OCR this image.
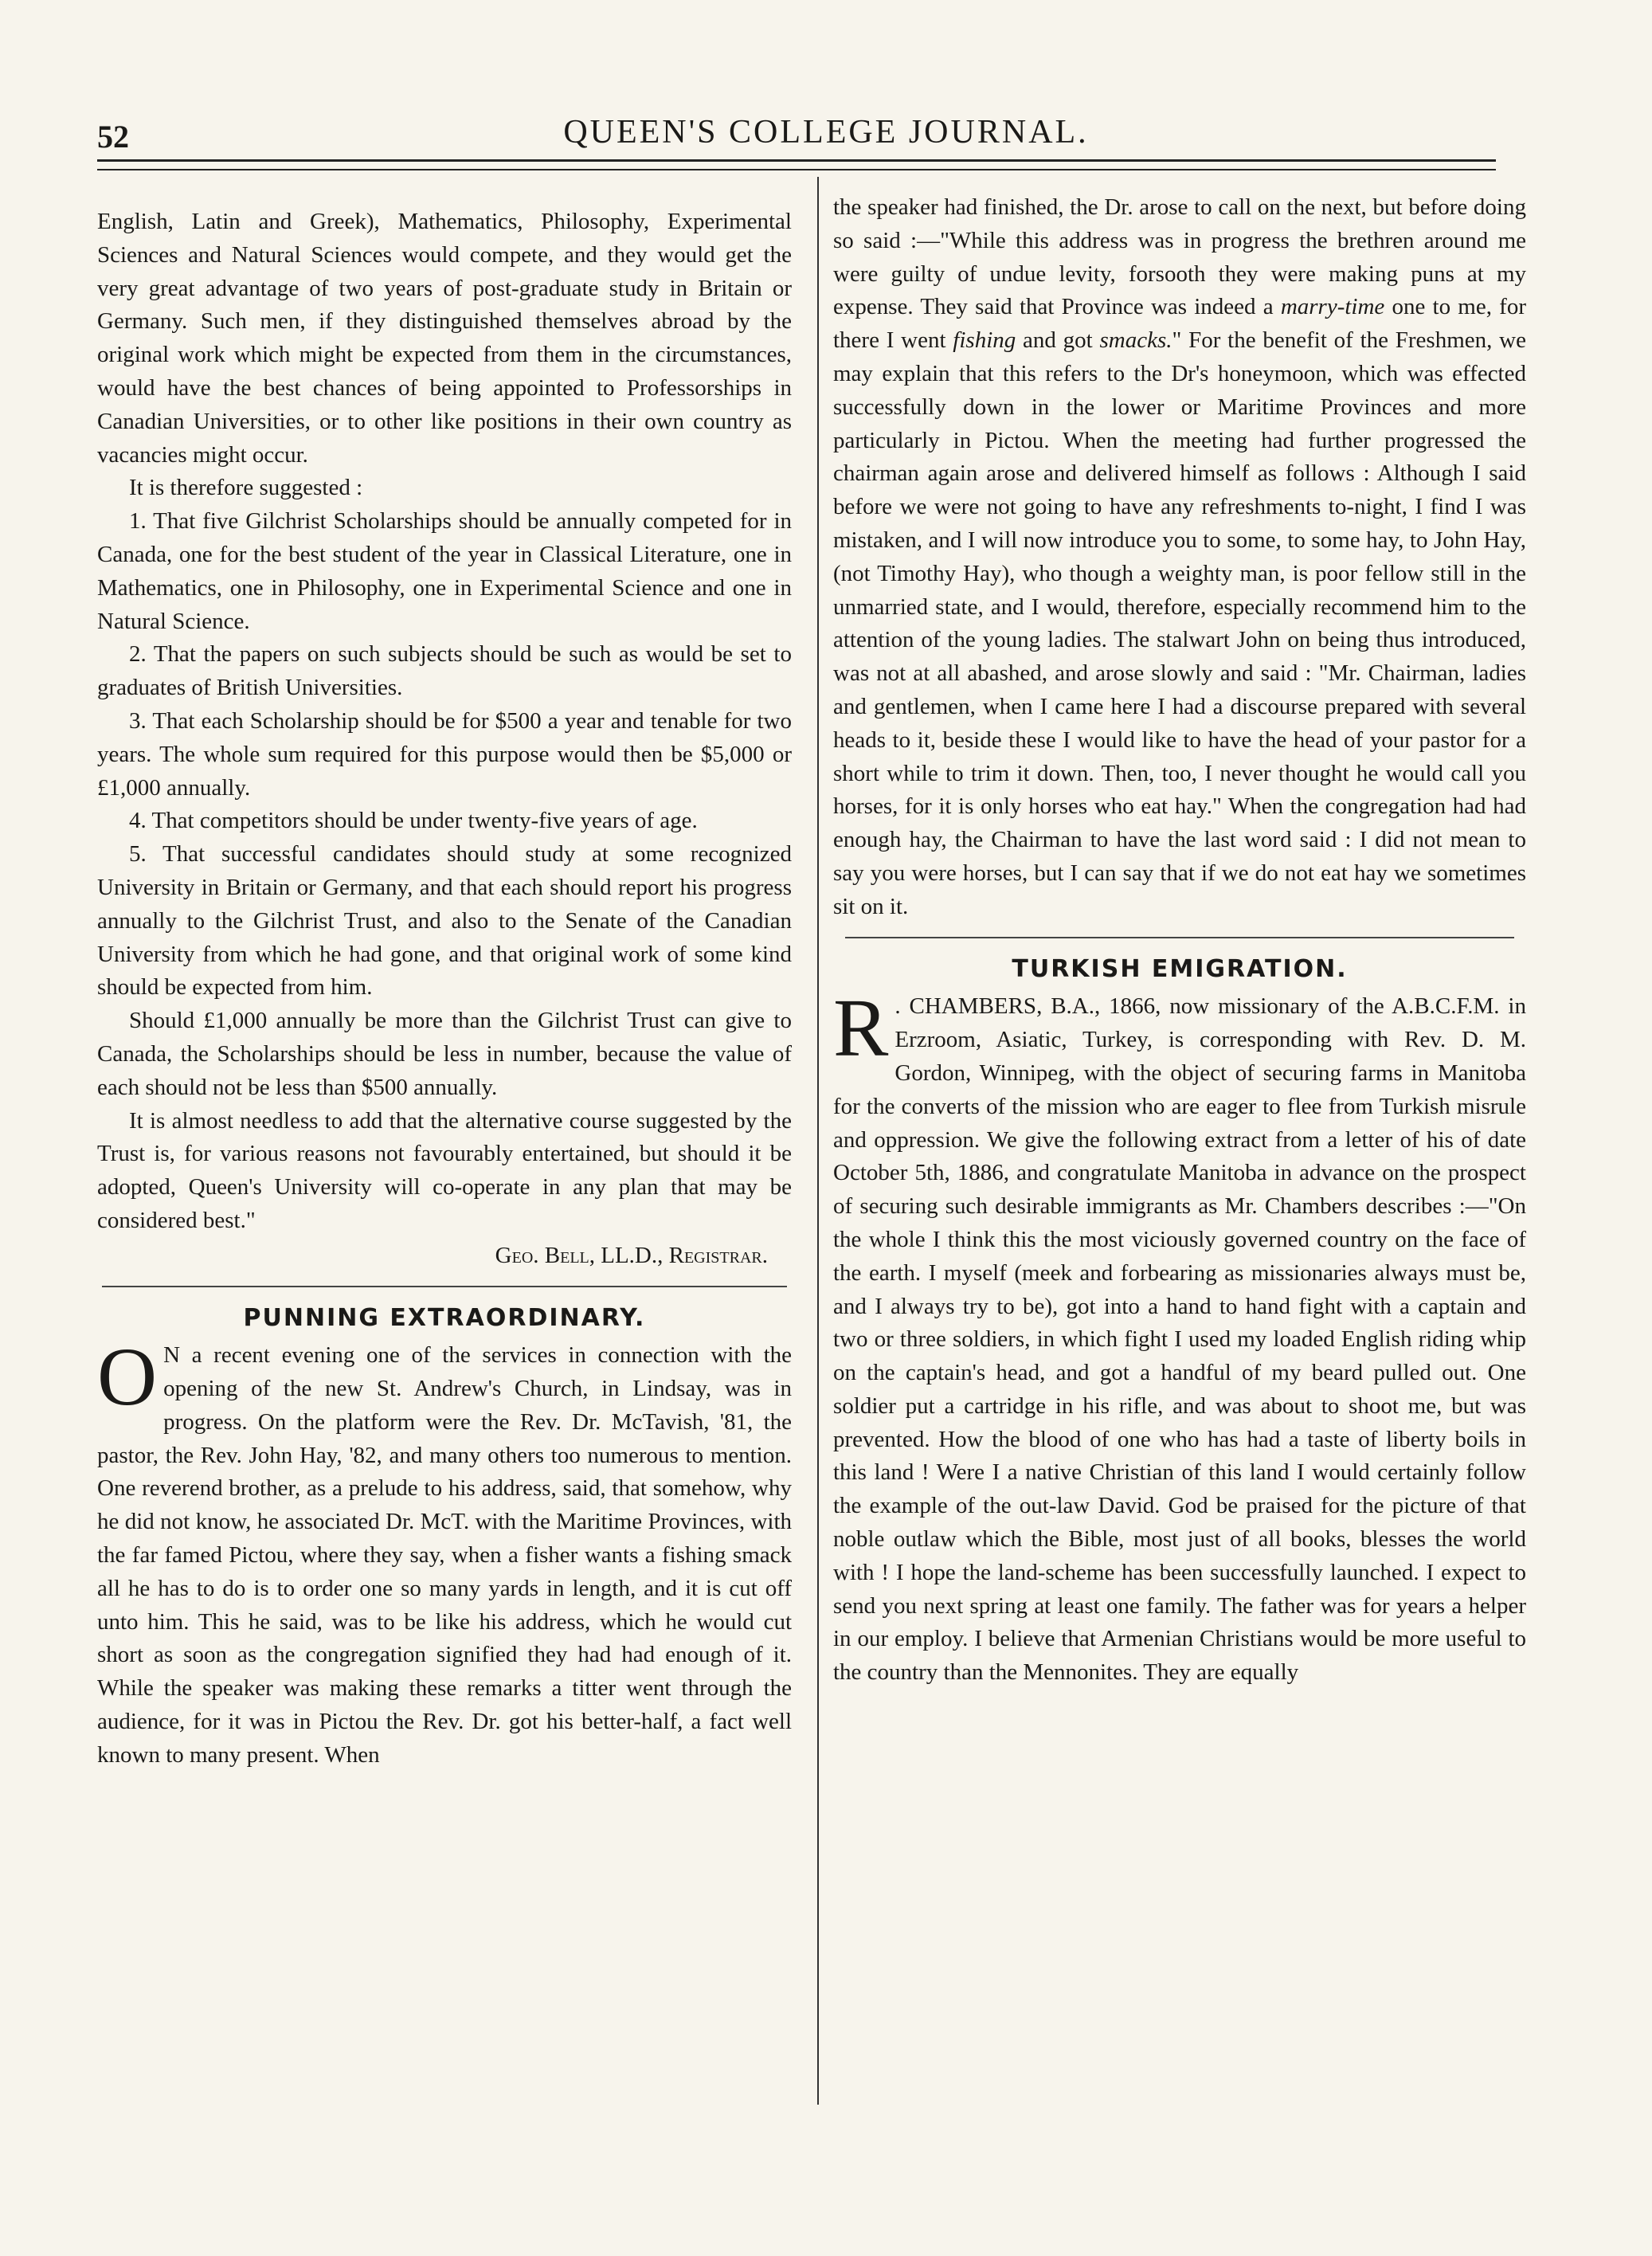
52	QUEEN'S COLLEGE JOURNAL.

English, Latin and Greek), Mathematics, Philosophy, Experimental Sciences and Natural Sciences would compete, and they would get the very great advantage of two years of post-graduate study in Britain or Germany. Such men, if they distinguished themselves abroad by the original work which might be expected from them in the circumstances, would have the best chances of being appointed to Professorships in Canadian Universities, or to other like positions in their own country as vacancies might occur.

It is therefore suggested :

1. That five Gilchrist Scholarships should be annually competed for in Canada, one for the best student of the year in Classical Literature, one in Mathematics, one in Philosophy, one in Experimental Science and one in Natural Science.

2. That the papers on such subjects should be such as would be set to graduates of British Universities.

3. That each Scholarship should be for $500 a year and tenable for two years. The whole sum required for this purpose would then be $5,000 or £1,000 annually.

4. That competitors should be under twenty-five years of age.

5. That successful candidates should study at some recognized University in Britain or Germany, and that each should report his progress annually to the Gilchrist Trust, and also to the Senate of the Canadian University from which he had gone, and that original work of some kind should be expected from him.

Should £1,000 annually be more than the Gilchrist Trust can give to Canada, the Scholarships should be less in number, because the value of each should not be less than $500 annually.

It is almost needless to add that the alternative course suggested by the Trust is, for various reasons not favourably entertained, but should it be adopted, Queen's University will co-operate in any plan that may be considered best."

Geo. Bell, LL.D., Registrar.

PUNNING EXTRAORDINARY.

O N a recent evening one of the services in connection with the opening of the new St. Andrew's Church, in Lindsay, was in progress. On the platform were the Rev. Dr. McTavish, '81, the pastor, the Rev. John Hay, '82, and many others too numerous to mention. One reverend brother, as a prelude to his address, said, that somehow, why he did not know, he associated Dr. McT. with the Maritime Provinces, with the far famed Pictou, where they say, when a fisher wants a fishing smack all he has to do is to order one so many yards in length, and it is cut off unto him. This he said, was to be like his address, which he would cut short as soon as the congregation signified they had had enough of it. While the speaker was making these remarks a titter went through the audience, for it was in Pictou the Rev. Dr. got his better-half, a fact well known to many present. When

the speaker had finished, the Dr. arose to call on the next, but before doing so said :—"While this address was in progress the brethren around me were guilty of undue levity, forsooth they were making puns at my expense. They said that Province was indeed a marry-time one to me, for there I went fishing and got smacks." For the benefit of the Freshmen, we may explain that this refers to the Dr's honeymoon, which was effected successfully down in the lower or Maritime Provinces and more particularly in Pictou. When the meeting had further progressed the chairman again arose and delivered himself as follows : Although I said before we were not going to have any refreshments to-night, I find I was mistaken, and I will now introduce you to some, to some hay, to John Hay, (not Timothy Hay), who though a weighty man, is poor fellow still in the unmarried state, and I would, therefore, especially recommend him to the attention of the young ladies. The stalwart John on being thus introduced, was not at all abashed, and arose slowly and said : "Mr. Chairman, ladies and gentlemen, when I came here I had a discourse prepared with several heads to it, beside these I would like to have the head of your pastor for a short while to trim it down. Then, too, I never thought he would call you horses, for it is only horses who eat hay." When the congregation had had enough hay, the Chairman to have the last word said : I did not mean to say you were horses, but I can say that if we do not eat hay we sometimes sit on it.

TURKISH EMIGRATION.

R . CHAMBERS, B.A., 1866, now missionary of the A.B.C.F.M. in Erzroom, Asiatic, Turkey, is corresponding with Rev. D. M. Gordon, Winnipeg, with the object of securing farms in Manitoba for the converts of the mission who are eager to flee from Turkish misrule and oppression. We give the following extract from a letter of his of date October 5th, 1886, and congratulate Manitoba in advance on the prospect of securing such desirable immigrants as Mr. Chambers describes :—"On the whole I think this the most viciously governed country on the face of the earth. I myself (meek and forbearing as missionaries always must be, and I always try to be), got into a hand to hand fight with a captain and two or three soldiers, in which fight I used my loaded English riding whip on the captain's head, and got a handful of my beard pulled out. One soldier put a cartridge in his rifle, and was about to shoot me, but was prevented. How the blood of one who has had a taste of liberty boils in this land ! Were I a native Christian of this land I would certainly follow the example of the out-law David. God be praised for the picture of that noble outlaw which the Bible, most just of all books, blesses the world with ! I hope the land-scheme has been successfully launched. I expect to send you next spring at least one family. The father was for years a helper in our employ. I believe that Armenian Christians would be more useful to the country than the Mennonites. They are equally
